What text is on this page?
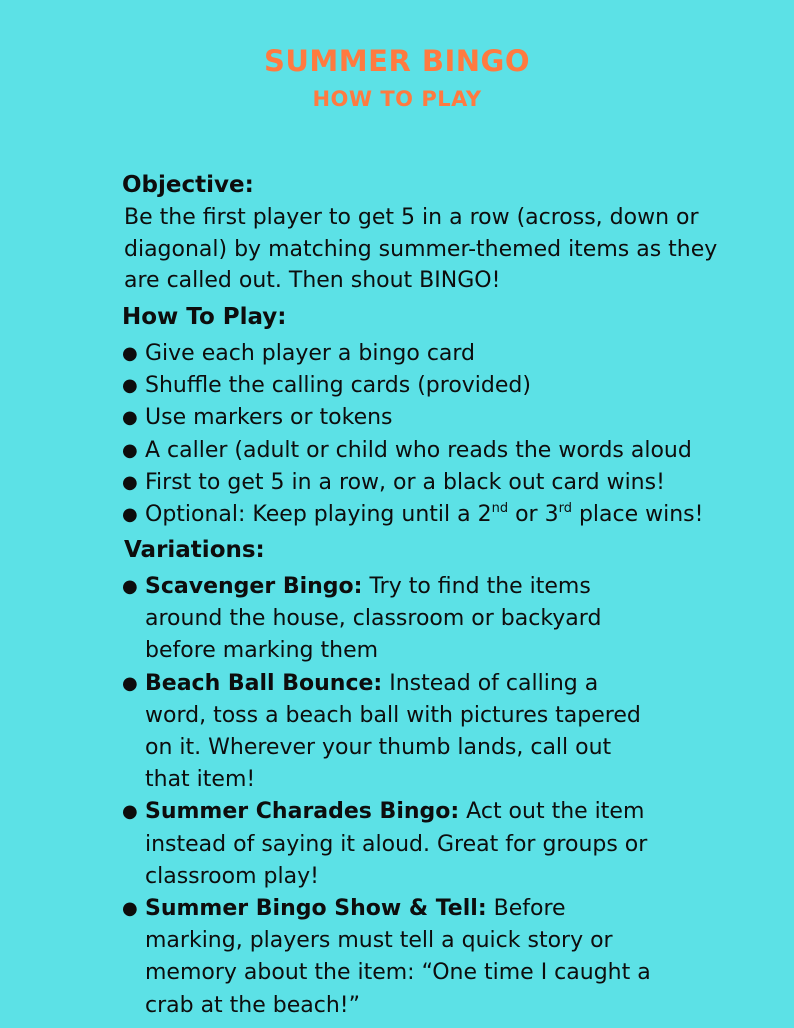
SUMMER BINGO
HOW TO PLAY
Objective:

Be the first player to get 5 in a row (across, down or diagonal) by matching summer-themed items as they are called out. Then shout BINGO!

How To Play:
● Give each player a bingo card
● Shuffle the calling cards (provided)
● Use markers or tokens
● A caller (adult or child who reads the words aloud
● First to get 5 in a row, or a black out card wins!
● Optional: Keep playing until a 2nd or 3rd place wins!
Variations:
● Scavenger Bingo: Try to find the items around the house, classroom or backyard before marking them
● Beach Ball Bounce: Instead of calling a word, toss a beach ball with pictures tapered on it. Wherever your thumb lands, call out that item!
● Summer Charades Bingo: Act out the item instead of saying it aloud. Great for groups or classroom play!
● Summer Bingo Show & Tell: Before marking, players must tell a quick story or memory about the item: “One time I caught a crab at the beach!”
